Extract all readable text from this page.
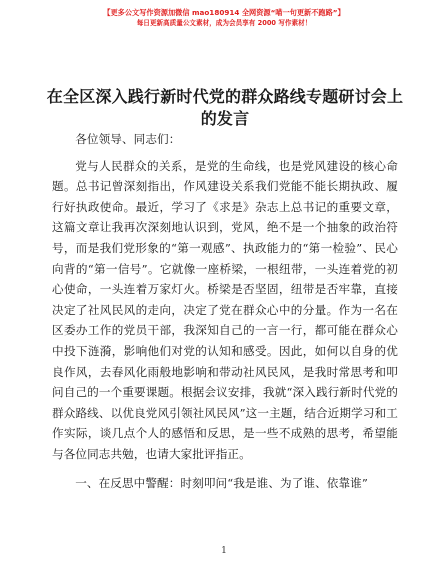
【更多公文写作资源加微信 mao180914 全网资源“喵一句更新不跑路”】
每日更新高质量公文素材，成为会员享有 2000 写作素材！
在全区深入践行新时代党的群众路线专题研讨会上的发言

各位领导、同志们：

党与人民群众的关系，是党的生命线，也是党风建设的核心命题。总书记曾深刻指出，作风建设关系我们党能不能长期执政、履行好执政使命。最近，学习了《求是》杂志上总书记的重要文章，这篇文章让我再次深刻地认识到，党风，绝不是一个抽象的政治符号，而是我们党形象的“第一观感”、执政能力的“第一检验”、民心向背的“第一信号”。它就像一座桥梁，一根纽带，一头连着党的初心使命，一头连着万家灯火。桥梁是否坚固，纽带是否牢靠，直接决定了社风民风的走向，决定了党在群众心中的分量。作为一名在区委办工作的党员干部，我深知自己的一言一行，都可能在群众心中投下涟漪，影响他们对党的认知和感受。因此，如何以自身的优良作风，去春风化雨般地影响和带动社风民风，是我时常思考和叩问自己的一个重要课题。根据会议安排，我就“深入践行新时代党的群众路线、以优良党风引领社风民风”这一主题，结合近期学习和工作实际，谈几点个人的感悟和反思，是一些不成熟的思考，希望能与各位同志共勉，也请大家批评指正。

一、在反思中警醒：时刻叩问“我是谁、为了谁、依靠谁”

1
